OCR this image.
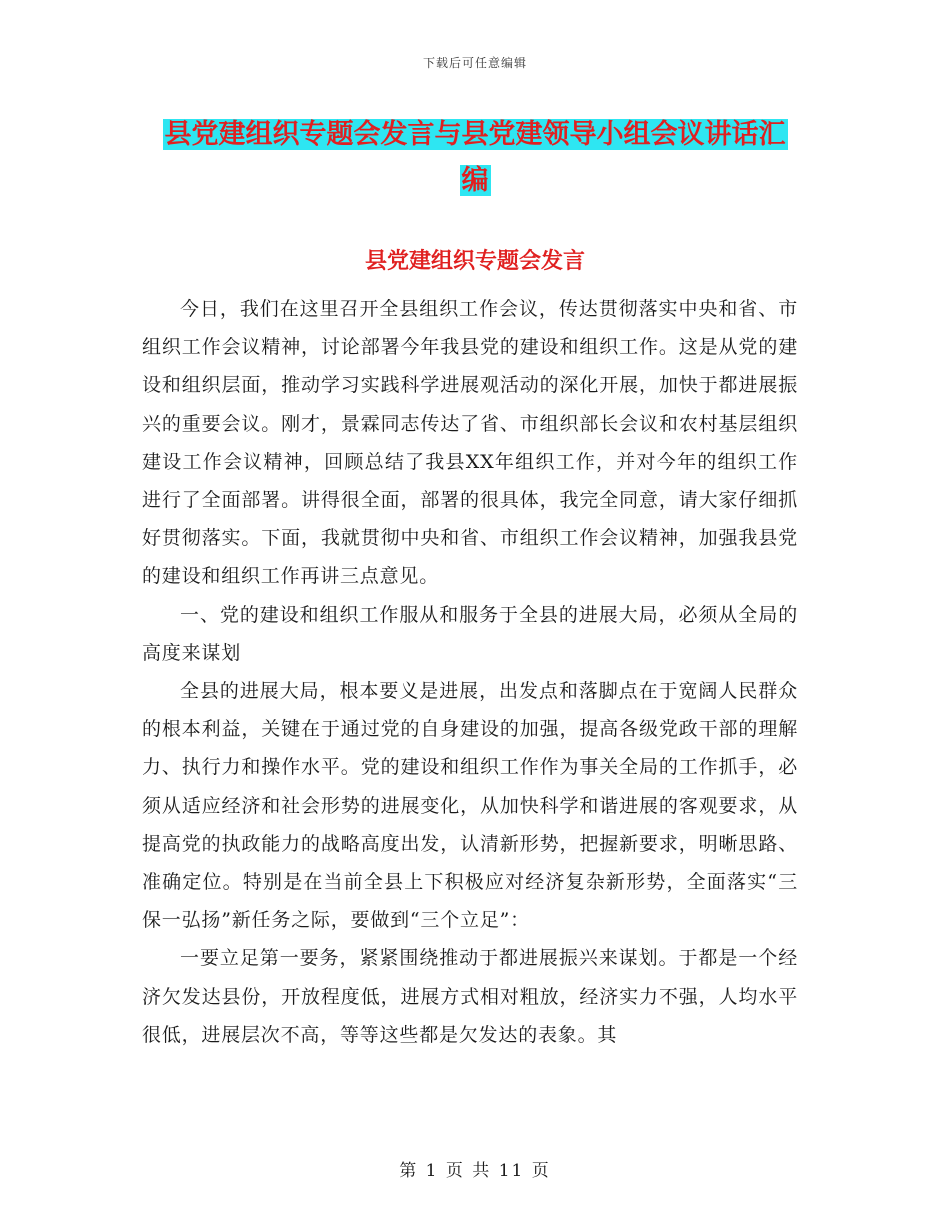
下载后可任意编辑
县党建组织专题会发言与县党建领导小组会议讲话汇
编
县党建组织专题会发言

今日，我们在这里召开全县组织工作会议，传达贯彻落实中央和省、市组织工作会议精神，讨论部署今年我县党的建设和组织工作。这是从党的建设和组织层面，推动学习实践科学进展观活动的深化开展，加快于都进展振兴的重要会议。刚才，景霖同志传达了省、市组织部长会议和农村基层组织建设工作会议精神，回顾总结了我县XX年组织工作，并对今年的组织工作进行了全面部署。讲得很全面，部署的很具体，我完全同意，请大家仔细抓好贯彻落实。下面，我就贯彻中央和省、市组织工作会议精神，加强我县党的建设和组织工作再讲三点意见。

一、党的建设和组织工作服从和服务于全县的进展大局，必须从全局的高度来谋划

全县的进展大局，根本要义是进展，出发点和落脚点在于宽阔人民群众的根本利益，关键在于通过党的自身建设的加强，提高各级党政干部的理解力、执行力和操作水平。党的建设和组织工作作为事关全局的工作抓手，必须从适应经济和社会形势的进展变化，从加快科学和谐进展的客观要求，从提高党的执政能力的战略高度出发，认清新形势，把握新要求，明晰思路、准确定位。特别是在当前全县上下积极应对经济复杂新形势，全面落实“三保一弘扬”新任务之际，要做到“三个立足”：

一要立足第一要务，紧紧围绕推动于都进展振兴来谋划。于都是一个经济欠发达县份，开放程度低，进展方式相对粗放，经济实力不强，人均水平很低，进展层次不高，等等这些都是欠发达的表象。其

第 1 页 共 11 页
